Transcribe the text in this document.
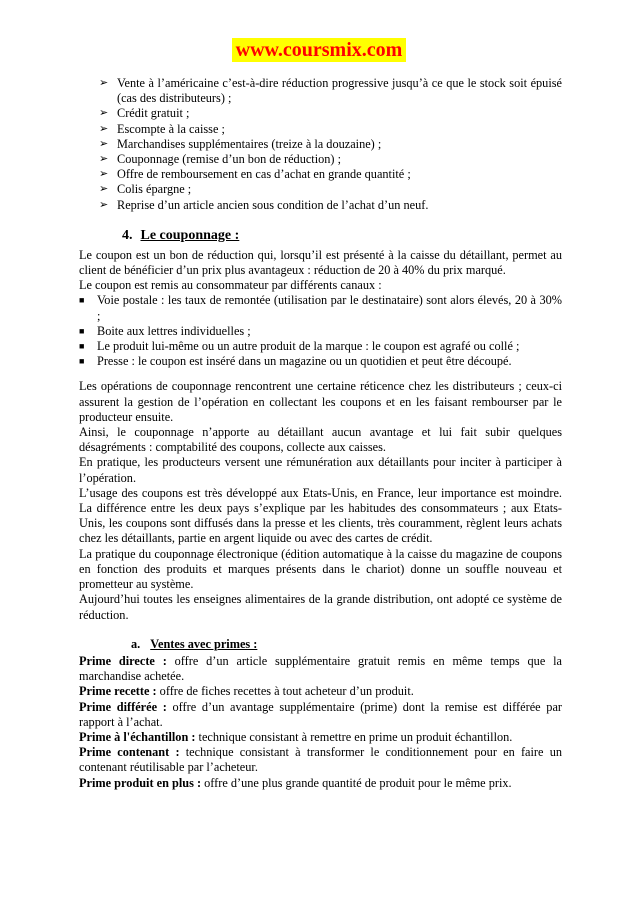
www.coursmix.com
➢ Vente à l’américaine c’est-à-dire réduction progressive jusqu’à ce que le stock soit épuisé (cas des distributeurs) ;
➢ Crédit gratuit ;
➢ Escompte à la caisse ;
➢ Marchandises supplémentaires (treize à la douzaine) ;
➢ Couponnage (remise d’un bon de réduction) ;
➢ Offre de remboursement en cas d’achat en grande quantité ;
➢ Colis épargne ;
➢ Reprise d’un article ancien sous condition de l’achat d’un neuf.
4. Le couponnage :

Le coupon est un bon de réduction qui, lorsqu’il est présenté à la caisse du détaillant, permet au client de bénéficier d’un prix plus avantageux : réduction de 20 à 40% du prix marqué.

Le coupon est remis au consommateur par différents canaux :

■ Voie postale : les taux de remontée (utilisation par le destinataire) sont alors élevés, 20 à 30% ;
■ Boite aux lettres individuelles ;
■ Le produit lui-même ou un autre produit de la marque : le coupon est agrafé ou collé ;
■ Presse : le coupon est inséré dans un magazine ou un quotidien et peut être découpé.

Les opérations de couponnage rencontrent une certaine réticence chez les distributeurs ; ceux-ci assurent la gestion de l’opération en collectant les coupons et en les faisant rembourser par le producteur ensuite.

Ainsi, le couponnage n’apporte au détaillant aucun avantage et lui fait subir quelques désagréments : comptabilité des coupons, collecte aux caisses.

En pratique, les producteurs versent une rémunération aux détaillants pour inciter à participer à l’opération.

L’usage des coupons est très développé aux Etats-Unis, en France, leur importance est moindre. La différence entre les deux pays s’explique par les habitudes des consommateurs ; aux Etats-Unis, les coupons sont diffusés dans la presse et les clients, très couramment, règlent leurs achats chez les détaillants, partie en argent liquide ou avec des cartes de crédit.

La pratique du couponnage électronique (édition automatique à la caisse du magazine de coupons en fonction des produits et marques présents dans le chariot) donne un souffle nouveau et prometteur au système.

Aujourd’hui toutes les enseignes alimentaires de la grande distribution, ont adopté ce système de réduction.

a. Ventes avec primes :

Prime directe : offre d’un article supplémentaire gratuit remis en même temps que la marchandise achetée.

Prime recette : offre de fiches recettes à tout acheteur d’un produit.

Prime différée : offre d’un avantage supplémentaire (prime) dont la remise est différée par rapport à l’achat.

Prime à l'échantillon : technique consistant à remettre en prime un produit échantillon.

Prime contenant : technique consistant à transformer le conditionnement pour en faire un contenant réutilisable par l’acheteur.

Prime produit en plus : offre d’une plus grande quantité de produit pour le même prix.
